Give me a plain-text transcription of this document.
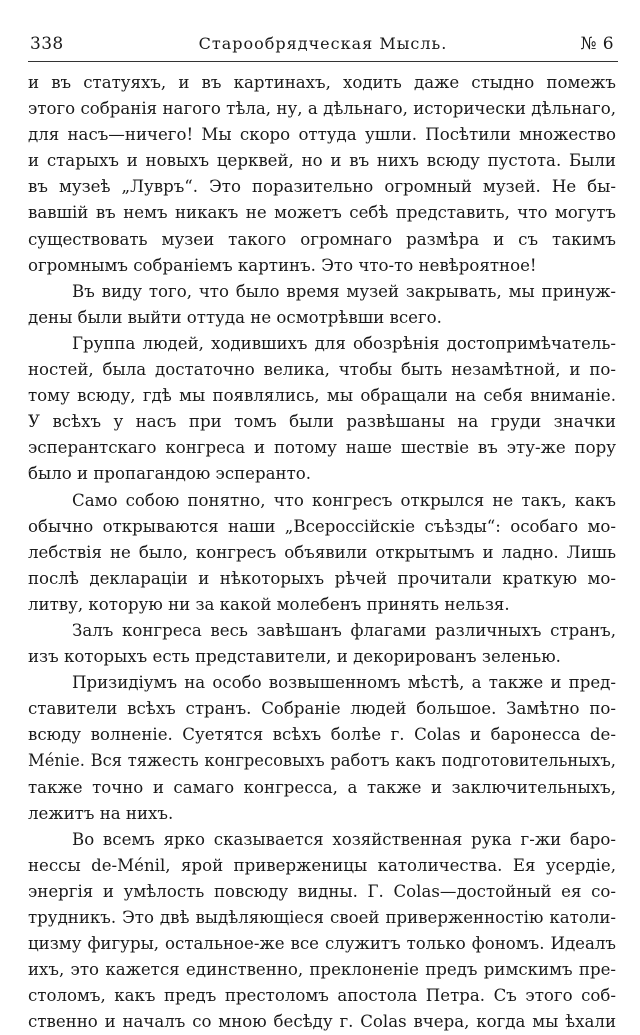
338	Старообрядческая Мысль.	№ 6
и въ статуяхъ, и въ картинахъ, ходить даже стыдно помежъ
этого собранія нагого тѣла, ну, а дѣльнаго, исторически дѣльнаго,
для насъ—ничего! Мы скоро оттуда ушли. Посѣтили множество
и старыхъ и новыхъ церквей, но и въ нихъ всюду пустота. Были
въ музеѣ „Лувръ“. Это поразительно огромный музей. Не бы-
вавшій въ немъ никакъ не можетъ себѣ представить, что могутъ
существовать музеи такого огромнаго размѣра и съ такимъ
огромнымъ собраніемъ картинъ. Это что-то невѣроятное!
Въ виду того, что было время музей закрывать, мы принуж-
дены были выйти оттуда не осмотрѣвши всего.
Группа людей, ходившихъ для обозрѣнія достопримѣчатель-
ностей, была достаточно велика, чтобы быть незамѣтной, и по-
тому всюду, гдѣ мы появлялись, мы обращали на себя вниманіе.
У всѣхъ у насъ при томъ были развѣшаны на груди значки
эсперантскаго конгреса и потому наше шествіе въ эту-же пору
было и пропагандою эсперанто.
Само собою понятно, что конгресъ открылся не такъ, какъ
обычно открываются наши „Всероссійскіе съѣзды“: особаго мо-
лебствія не было, конгресъ объявили открытымъ и ладно. Лишь
послѣ деклараціи и нѣкоторыхъ рѣчей прочитали краткую мо-
литву, которую ни за какой молебенъ принять нельзя.
Залъ конгреса весь завѣшанъ флагами различныхъ странъ,
изъ которыхъ есть представители, и декорированъ зеленью.
Призидіумъ на особо возвышенномъ мѣстѣ, а также и пред-
ставители всѣхъ странъ. Собраніе людей большое. Замѣтно по-
всюду волненіе. Суетятся всѣхъ болѣе г. Colas и баронесса de-
Ménie. Вся тяжесть конгресовыхъ работъ какъ подготовительныхъ,
также точно и самаго конгресса, а также и заключительныхъ,
лежитъ на нихъ.
Во всемъ ярко сказывается хозяйственная рука г-жи баро-
нессы de-Ménil, ярой приверженицы католичества. Ея усердіе,
энергія и умѣлость повсюду видны. Г. Colas—достойный ея со-
трудникъ. Это двѣ выдѣляющіеся своей приверженностію католи-
цизму фигуры, остальное-же все служитъ только фономъ. Идеалъ
ихъ, это кажется единственно, преклоненіе предъ римскимъ пре-
столомъ, какъ предъ престоломъ апостола Петра. Съ этого соб-
ственно и началъ со мною бесѣду г. Colas вчера, когда мы ѣхали
